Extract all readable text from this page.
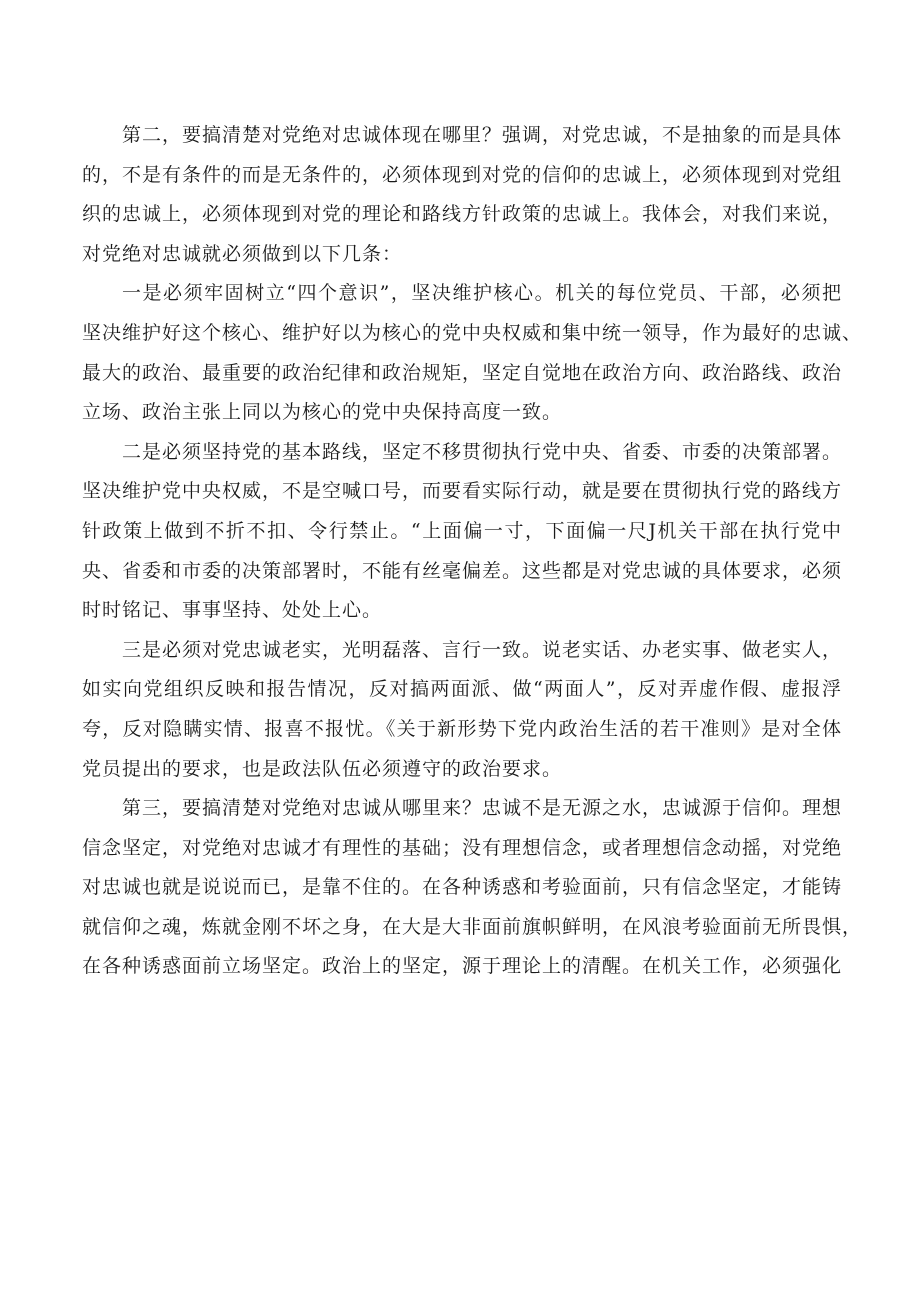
第二，要搞清楚对党绝对忠诚体现在哪里？强调，对党忠诚，不是抽象的而是具体
的，不是有条件的而是无条件的，必须体现到对党的信仰的忠诚上，必须体现到对党组
织的忠诚上，必须体现到对党的理论和路线方针政策的忠诚上。我体会，对我们来说，
对党绝对忠诚就必须做到以下几条：
一是必须牢固树立“四个意识”，坚决维护核心。机关的每位党员、干部，必须把
坚决维护好这个核心、维护好以为核心的党中央权威和集中统一领导，作为最好的忠诚、
最大的政治、最重要的政治纪律和政治规矩，坚定自觉地在政治方向、政治路线、政治
立场、政治主张上同以为核心的党中央保持高度一致。
二是必须坚持党的基本路线，坚定不移贯彻执行党中央、省委、市委的决策部署。
坚决维护党中央权威，不是空喊口号，而要看实际行动，就是要在贯彻执行党的路线方
针政策上做到不折不扣、令行禁止。“上面偏一寸，下面偏一尺J机关干部在执行党中
央、省委和市委的决策部署时，不能有丝毫偏差。这些都是对党忠诚的具体要求，必须
时时铭记、事事坚持、处处上心。
三是必须对党忠诚老实，光明磊落、言行一致。说老实话、办老实事、做老实人，
如实向党组织反映和报告情况，反对搞两面派、做“两面人”，反对弄虚作假、虚报浮
夸，反对隐瞒实情、报喜不报忧。《关于新形势下党内政治生活的若干准则》是对全体
党员提出的要求，也是政法队伍必须遵守的政治要求。
第三，要搞清楚对党绝对忠诚从哪里来？忠诚不是无源之水，忠诚源于信仰。理想
信念坚定，对党绝对忠诚才有理性的基础；没有理想信念，或者理想信念动摇，对党绝
对忠诚也就是说说而已，是靠不住的。在各种诱惑和考验面前，只有信念坚定，才能铸
就信仰之魂，炼就金刚不坏之身，在大是大非面前旗帜鲜明，在风浪考验面前无所畏惧，
在各种诱惑面前立场坚定。政治上的坚定，源于理论上的清醒。在机关工作，必须强化
